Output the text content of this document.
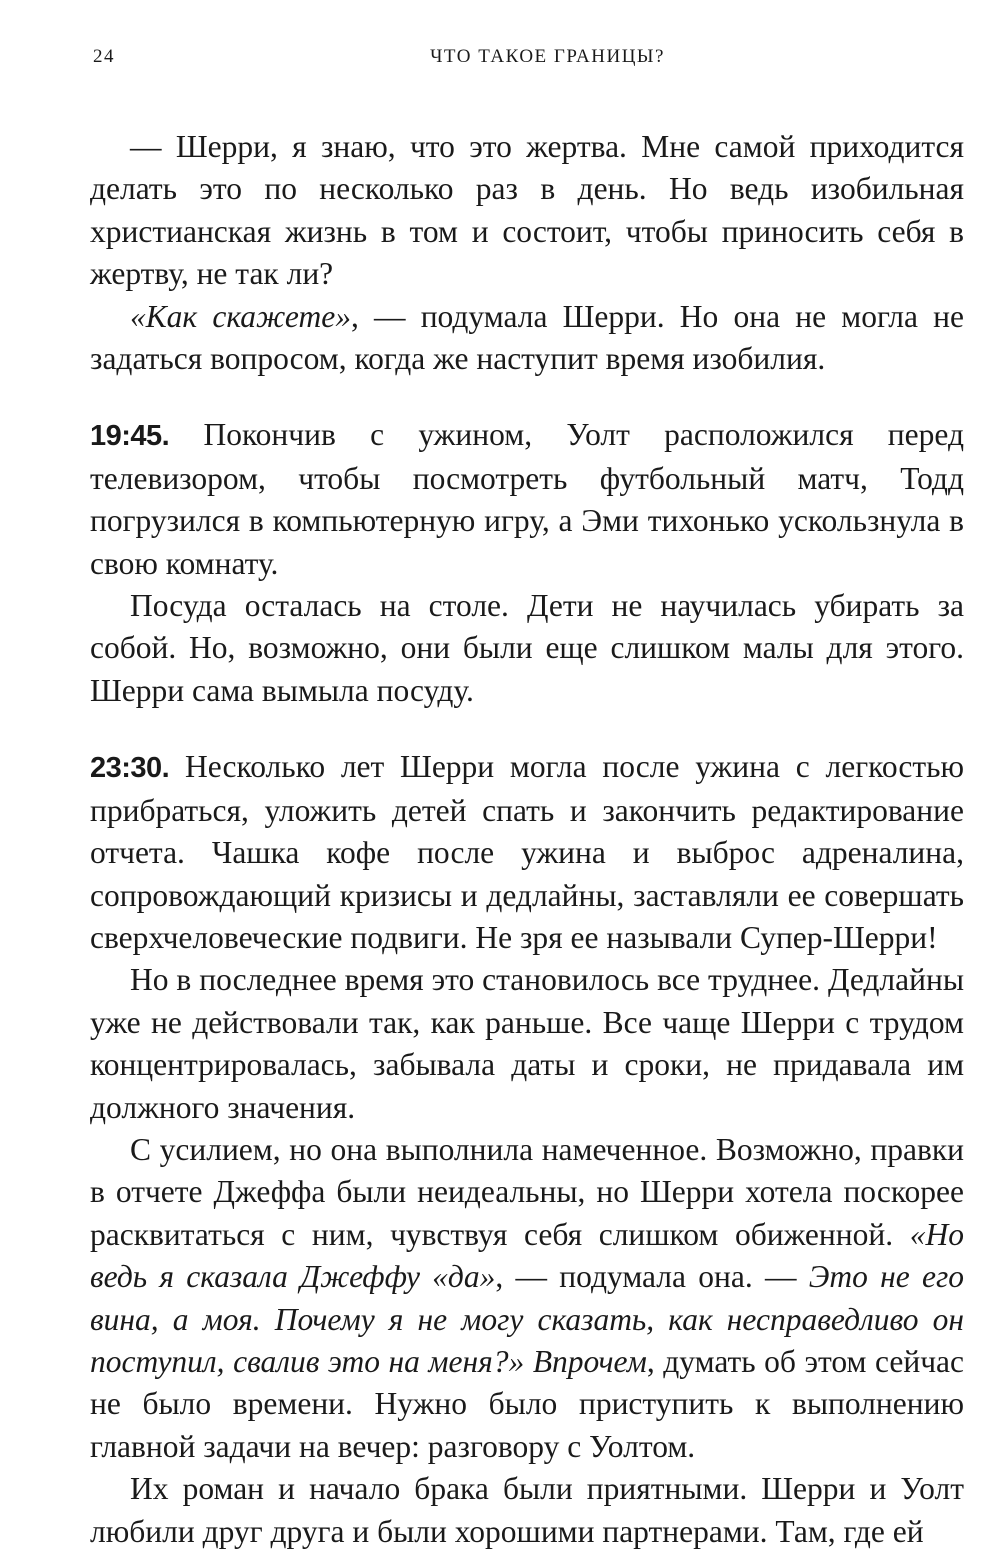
24	ЧТО ТАКОЕ ГРАНИЦЫ?

— Шерри, я знаю, что это жертва. Мне самой приходится делать это по несколько раз в день. Но ведь изобильная христианская жизнь в том и состоит, чтобы приносить себя в жертву, не так ли?

«Как скажете», — подумала Шерри. Но она не могла не задаться вопросом, когда же наступит время изобилия.

19:45. Покончив с ужином, Уолт расположился перед телевизором, чтобы посмотреть футбольный матч, Тодд погрузился в компьютерную игру, а Эми тихонько ускользнула в свою комнату.

Посуда осталась на столе. Дети не научилась убирать за собой. Но, возможно, они были еще слишком малы для этого. Шерри сама вымыла посуду.

23:30. Несколько лет Шерри могла после ужина с легкостью прибраться, уложить детей спать и закончить редактирование отчета. Чашка кофе после ужина и выброс адреналина, сопровождающий кризисы и дедлайны, заставляли ее совершать сверхчеловеческие подвиги. Не зря ее называли Супер-Шерри!

Но в последнее время это становилось все труднее. Дедлайны уже не действовали так, как раньше. Все чаще Шерри с трудом концентрировалась, забывала даты и сроки, не придавала им должного значения.

С усилием, но она выполнила намеченное. Возможно, правки в отчете Джеффа были неидеальны, но Шерри хотела поскорее расквитаться с ним, чувствуя себя слишком обиженной. «Но ведь я сказала Джеффу «да», — подумала она. — Это не его вина, а моя. Почему я не могу сказать, как несправедливо он поступил, свалив это на меня?» Впрочем, думать об этом сейчас не было времени. Нужно было приступить к выполнению главной задачи на вечер: разговору с Уолтом.

Их роман и начало брака были приятными. Шерри и Уолт любили друг друга и были хорошими партнерами. Там, где ей
